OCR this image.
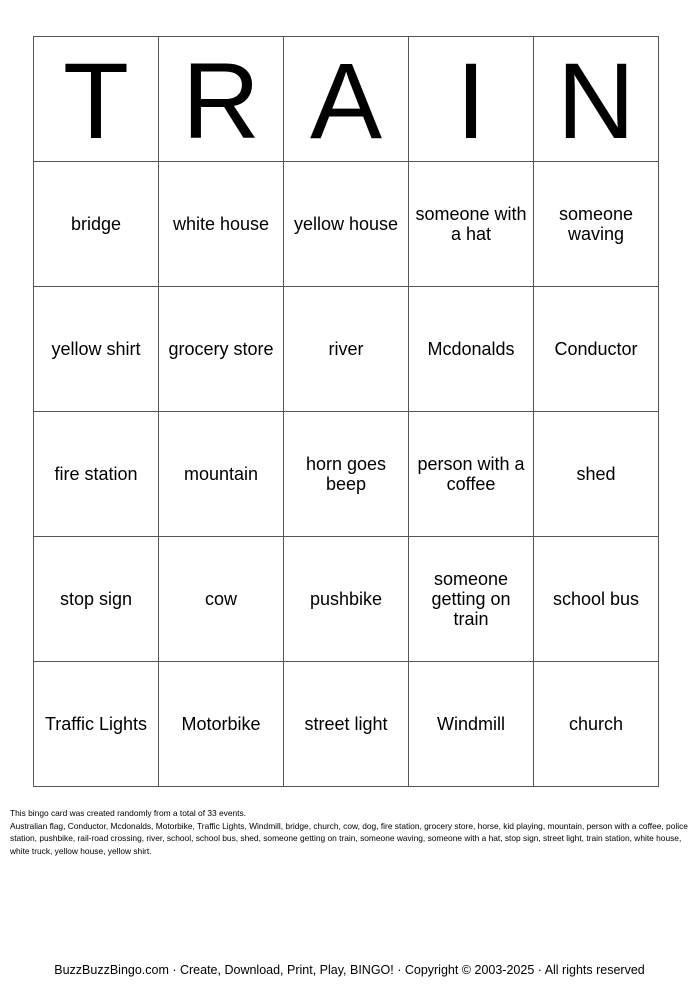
T	R	A	I	N
bridge	white house	yellow house	someone with a hat	someone waving
yellow shirt	grocery store	river	Mcdonalds	Conductor
fire station	mountain	horn goes beep	person with a coffee	shed
stop sign	cow	pushbike	someone getting on train	school bus
Traffic Lights	Motorbike	street light	Windmill	church
This bingo card was created randomly from a total of 33 events.
Australian flag, Conductor, Mcdonalds, Motorbike, Traffic Lights, Windmill, bridge, church, cow, dog, fire station, grocery store, horse, kid playing, mountain, person with a coffee, police station, pushbike, rail-road crossing, river, school, school bus, shed, someone getting on train, someone waving, someone with a hat, stop sign, street light, train station, white house, white truck, yellow house, yellow shirt.
BuzzBuzzBingo.com · Create, Download, Print, Play, BINGO! · Copyright © 2003-2025 · All rights reserved
